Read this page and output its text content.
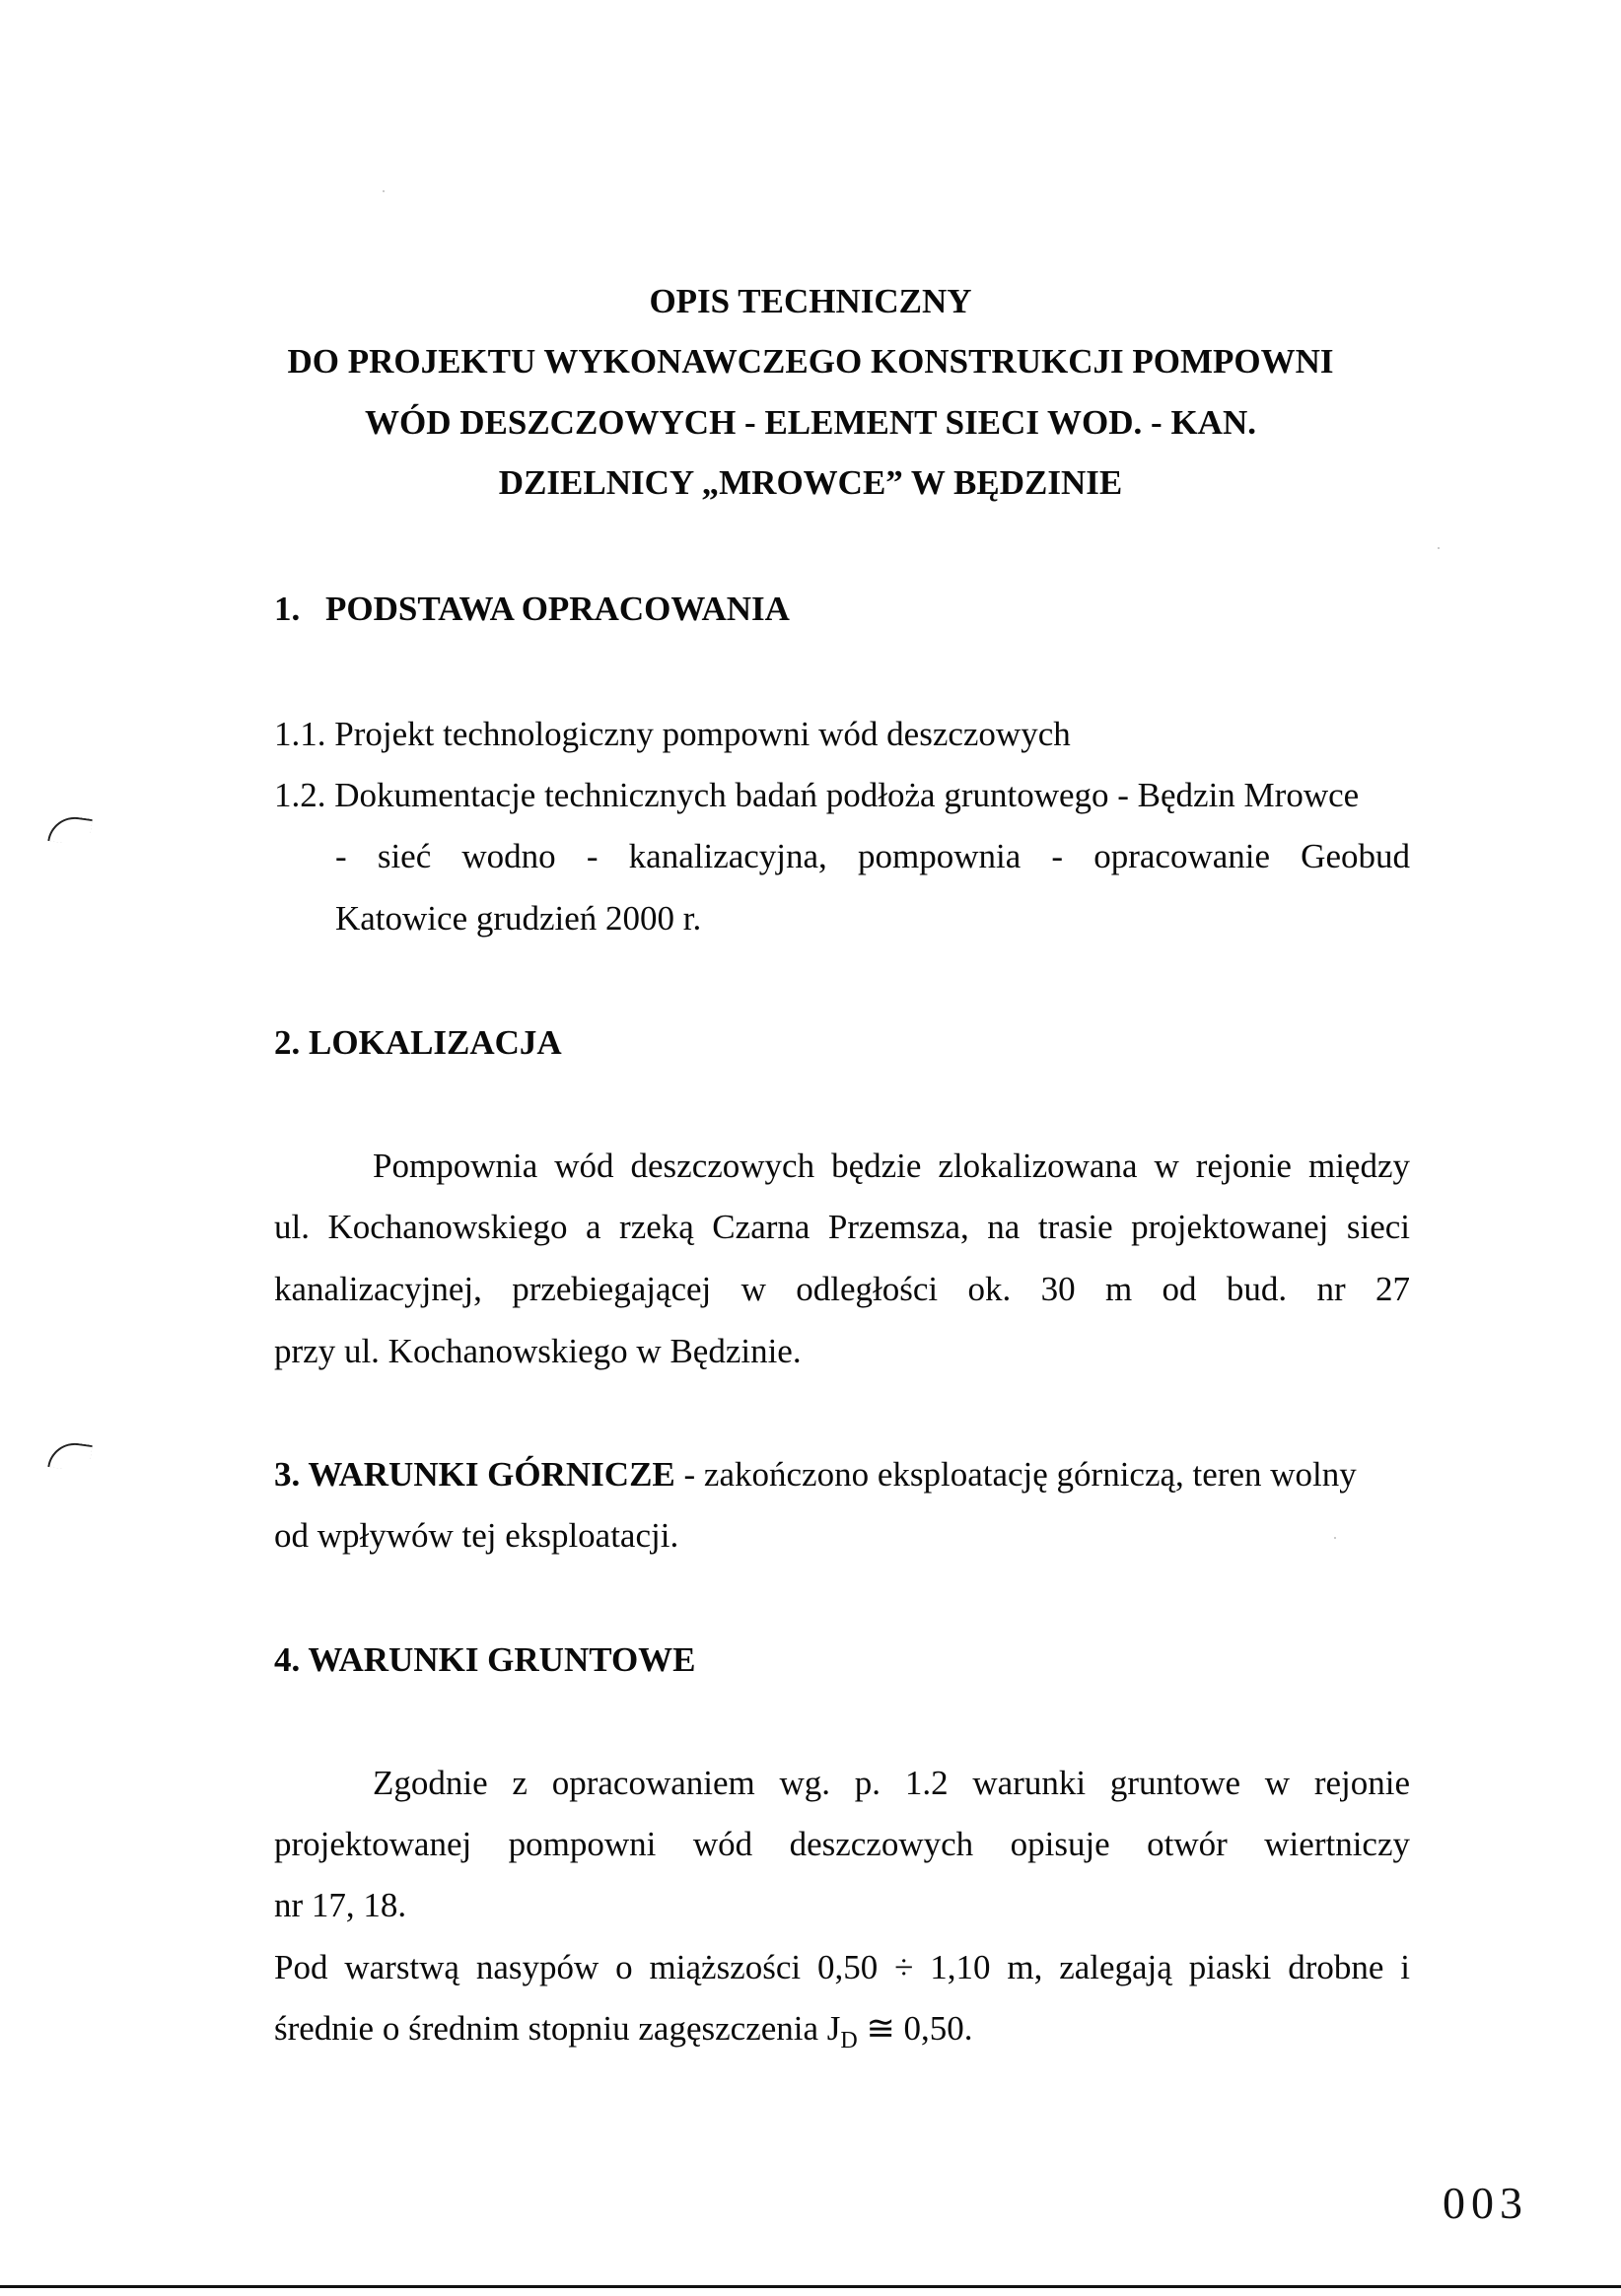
OPIS TECHNICZNY
DO PROJEKTU WYKONAWCZEGO KONSTRUKCJI POMPOWNI
WÓD DESZCZOWYCH - ELEMENT SIECI WOD. - KAN.
DZIELNICY „MROWCE” W BĘDZINIE
1. PODSTAWA OPRACOWANIA
1.1. Projekt technologiczny pompowni wód deszczowych
1.2. Dokumentacje technicznych badań podłoża gruntowego - Będzin Mrowce
- sieć wodno - kanalizacyjna, pompownia - opracowanie Geobud
Katowice grudzień 2000 r.
2. LOKALIZACJA
Pompownia wód deszczowych będzie zlokalizowana w rejonie między
ul. Kochanowskiego a rzeką Czarna Przemsza, na trasie projektowanej sieci
kanalizacyjnej, przebiegającej w odległości ok. 30 m od bud. nr 27
przy ul. Kochanowskiego w Będzinie.
3. WARUNKI GÓRNICZE - zakończono eksploatację górniczą, teren wolny
od wpływów tej eksploatacji.
4. WARUNKI GRUNTOWE
Zgodnie z opracowaniem wg. p. 1.2 warunki gruntowe w rejonie
projektowanej pompowni wód deszczowych opisuje otwór wiertniczy
nr 17, 18.
Pod warstwą nasypów o miąższości 0,50 ÷ 1,10 m, zalegają piaski drobne i
średnie o średnim stopniu zagęszczenia $J_D$ ≅ 0,50.
003
